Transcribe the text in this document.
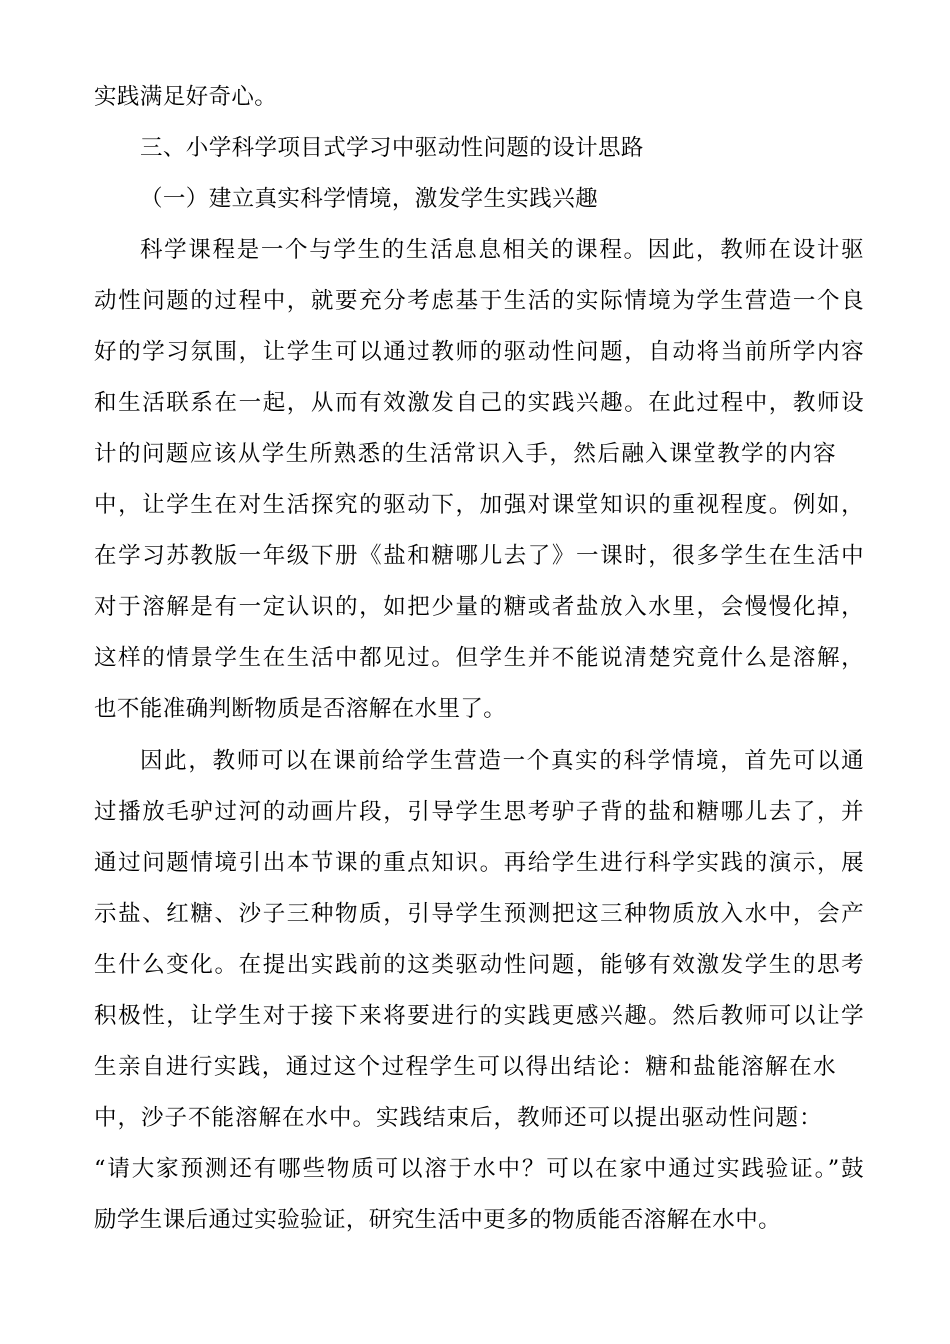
实践满足好奇心。
三、小学科学项目式学习中驱动性问题的设计思路
（一）建立真实科学情境，激发学生实践兴趣
科学课程是一个与学生的生活息息相关的课程。因此，教师在设计驱
动性问题的过程中，就要充分考虑基于生活的实际情境为学生营造一个良
好的学习氛围，让学生可以通过教师的驱动性问题，自动将当前所学内容
和生活联系在一起，从而有效激发自己的实践兴趣。在此过程中，教师设
计的问题应该从学生所熟悉的生活常识入手，然后融入课堂教学的内容
中，让学生在对生活探究的驱动下，加强对课堂知识的重视程度。例如，
在学习苏教版一年级下册《盐和糖哪儿去了》一课时，很多学生在生活中
对于溶解是有一定认识的，如把少量的糖或者盐放入水里，会慢慢化掉，
这样的情景学生在生活中都见过。但学生并不能说清楚究竟什么是溶解，
也不能准确判断物质是否溶解在水里了。
因此，教师可以在课前给学生营造一个真实的科学情境，首先可以通
过播放毛驴过河的动画片段，引导学生思考驴子背的盐和糖哪儿去了，并
通过问题情境引出本节课的重点知识。再给学生进行科学实践的演示，展
示盐、红糖、沙子三种物质，引导学生预测把这三种物质放入水中，会产
生什么变化。在提出实践前的这类驱动性问题，能够有效激发学生的思考
积极性，让学生对于接下来将要进行的实践更感兴趣。然后教师可以让学
生亲自进行实践，通过这个过程学生可以得出结论：糖和盐能溶解在水
中，沙子不能溶解在水中。实践结束后，教师还可以提出驱动性问题：
“请大家预测还有哪些物质可以溶于水中？可以在家中通过实践验证。”鼓
励学生课后通过实验验证，研究生活中更多的物质能否溶解在水中。
